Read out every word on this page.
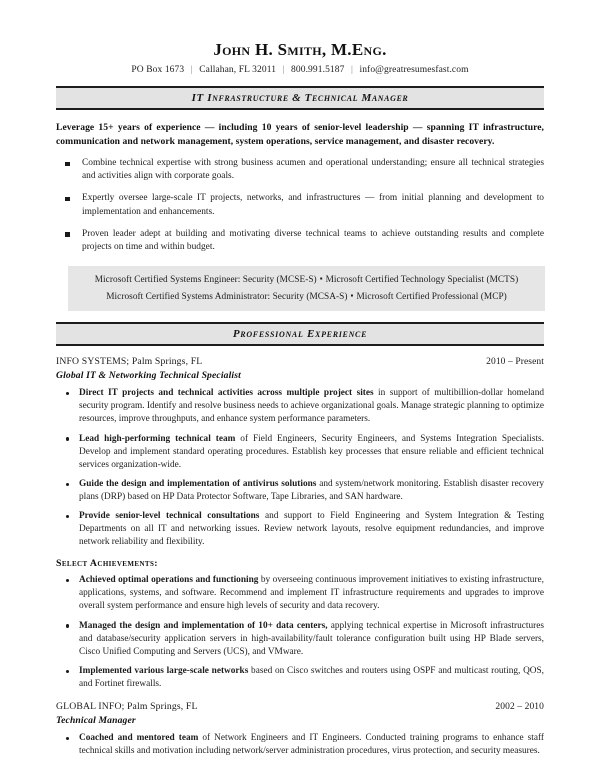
John H. Smith, M.Eng.
PO Box 1673 | Callahan, FL 32011 | 800.991.5187 | info@greatresumesfast.com
IT Infrastructure & Technical Manager
Leverage 15+ years of experience — including 10 years of senior-level leadership — spanning IT infrastructure, communication and network management, system operations, service management, and disaster recovery.
Combine technical expertise with strong business acumen and operational understanding; ensure all technical strategies and activities align with corporate goals.
Expertly oversee large-scale IT projects, networks, and infrastructures — from initial planning and development to implementation and enhancements.
Proven leader adept at building and motivating diverse technical teams to achieve outstanding results and complete projects on time and within budget.
Microsoft Certified Systems Engineer: Security (MCSE-S) ▪ Microsoft Certified Technology Specialist (MCTS)
Microsoft Certified Systems Administrator: Security (MCSA-S) ▪ Microsoft Certified Professional (MCP)
Professional Experience
INFO SYSTEMS; Palm Springs, FL	2010 – Present
Global IT & Networking Technical Specialist
Direct IT projects and technical activities across multiple project sites in support of multibillion-dollar homeland security program. Identify and resolve business needs to achieve organizational goals. Manage strategic planning to optimize resources, improve throughputs, and enhance system performance parameters.
Lead high-performing technical team of Field Engineers, Security Engineers, and Systems Integration Specialists. Develop and implement standard operating procedures. Establish key processes that ensure reliable and efficient technical services organization-wide.
Guide the design and implementation of antivirus solutions and system/network monitoring. Establish disaster recovery plans (DRP) based on HP Data Protector Software, Tape Libraries, and SAN hardware.
Provide senior-level technical consultations and support to Field Engineering and System Integration & Testing Departments on all IT and networking issues. Review network layouts, resolve equipment redundancies, and improve network reliability and flexibility.
Select Achievements:
Achieved optimal operations and functioning by overseeing continuous improvement initiatives to existing infrastructure, applications, systems, and software. Recommend and implement IT infrastructure requirements and upgrades to improve overall system performance and ensure high levels of security and data recovery.
Managed the design and implementation of 10+ data centers, applying technical expertise in Microsoft infrastructures and database/security application servers in high-availability/fault tolerance configuration built using HP Blade servers, Cisco Unified Computing and Servers (UCS), and VMware.
Implemented various large-scale networks based on Cisco switches and routers using OSPF and multicast routing, QOS, and Fortinet firewalls.
GLOBAL INFO; Palm Springs, FL	2002 – 2010
Technical Manager
Coached and mentored team of Network Engineers and IT Engineers. Conducted training programs to enhance staff technical skills and motivation including network/server administration procedures, virus protection, and security measures.
